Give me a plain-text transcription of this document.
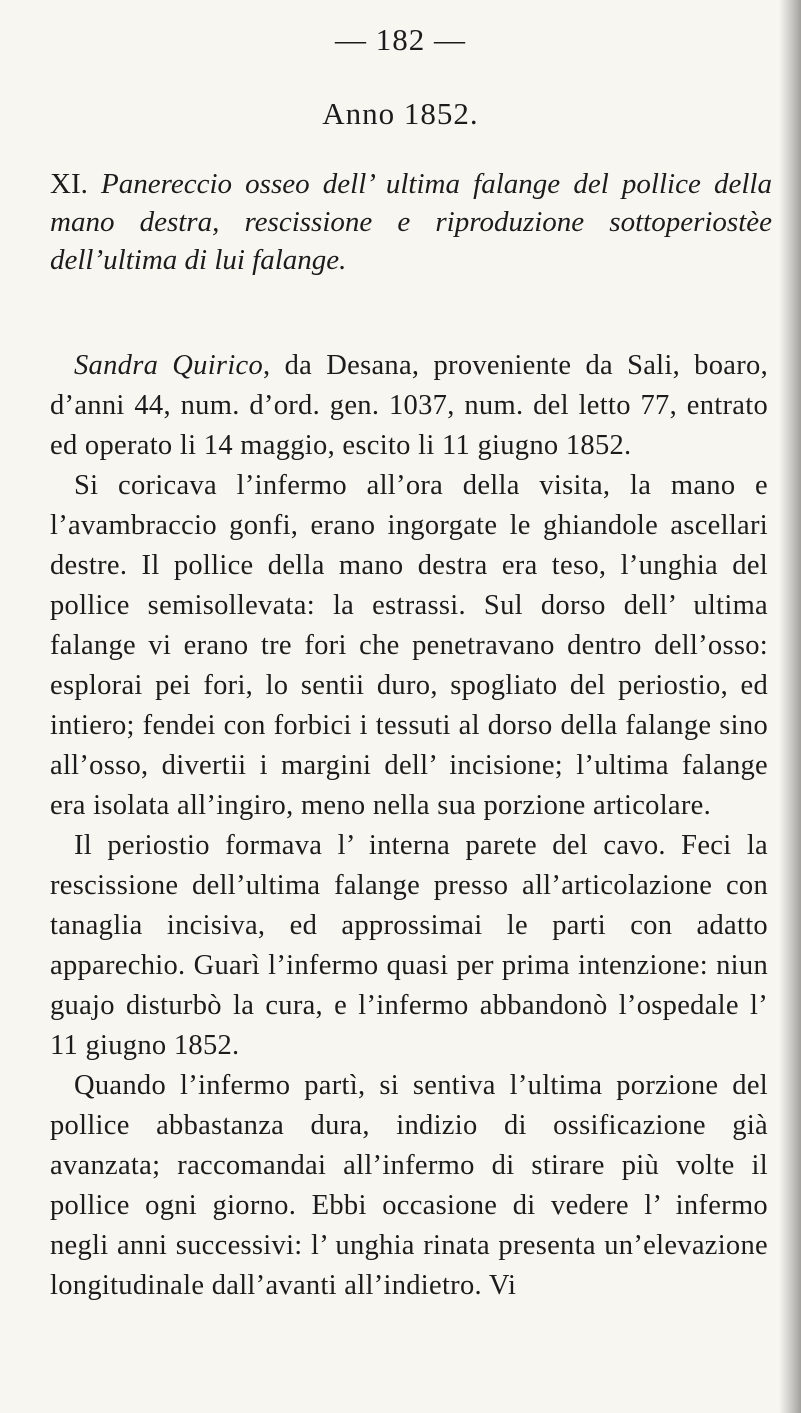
— 182 —
Anno 1852.
XI. Panereccio osseo dell’ ultima falange del pollice della mano destra, rescissione e riproduzione sottoperiostèe dell’ultima di lui falange.

Sandra Quirico, da Desana, proveniente da Sali, boaro, d’anni 44, num. d’ord. gen. 1037, num. del letto 77, entrato ed operato li 14 maggio, escito li 11 giugno 1852.

Si coricava l’infermo all’ora della visita, la mano e l’avambraccio gonfi, erano ingorgate le ghiandole ascellari destre. Il pollice della mano destra era teso, l’unghia del pollice semisollevata: la estrassi. Sul dorso dell’ ultima falange vi erano tre fori che penetravano dentro dell’osso: esplorai pei fori, lo sentii duro, spogliato del periostio, ed intiero; fendei con forbici i tessuti al dorso della falange sino all’osso, divertii i margini dell’ incisione; l’ultima falange era isolata all’ingiro, meno nella sua porzione articolare.

Il periostio formava l’ interna parete del cavo. Feci la rescissione dell’ultima falange presso all’articolazione con tanaglia incisiva, ed approssimai le parti con adatto apparechio. Guarì l’infermo quasi per prima intenzione: niun guajo disturbò la cura, e l’infermo abbandonò l’ospedale l’ 11 giugno 1852.

Quando l’infermo partì, si sentiva l’ultima porzione del pollice abbastanza dura, indizio di ossificazione già avanzata; raccomandai all’infermo di stirare più volte il pollice ogni giorno. Ebbi occasione di vedere l’ infermo negli anni successivi: l’ unghia rinata presenta un’elevazione longitudinale dall’avanti all’indietro. Vi
